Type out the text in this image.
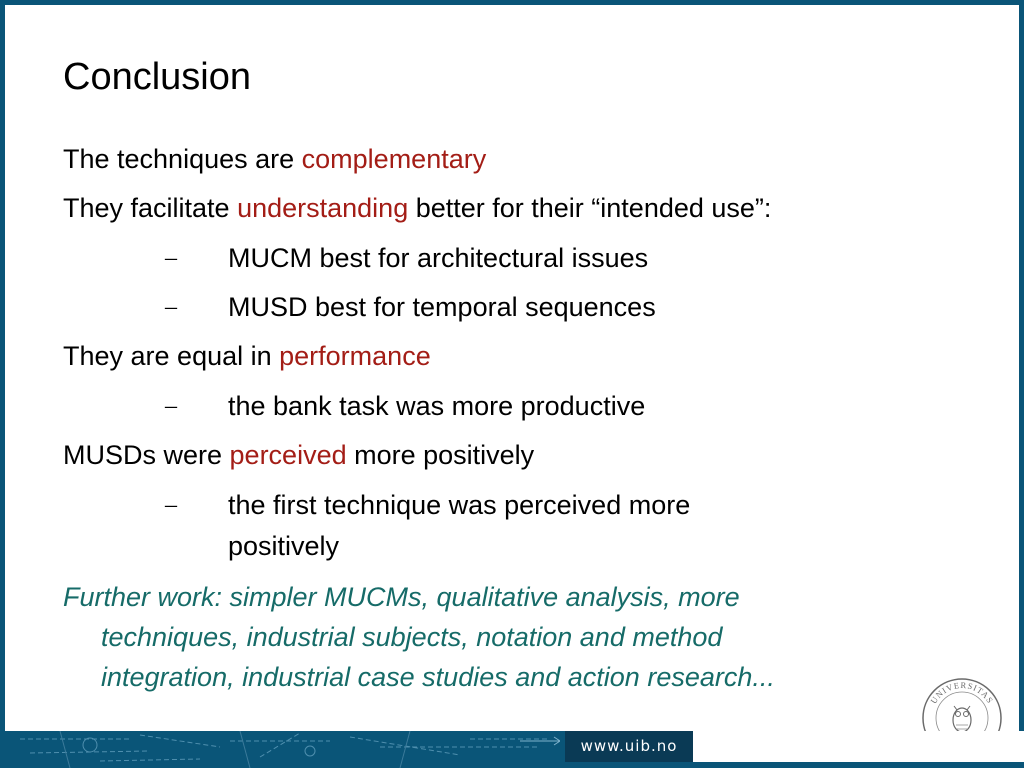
Conclusion
The techniques are complementary
They facilitate understanding better for their “intended use”:
– MUCM best for architectural issues
– MUSD best for temporal sequences
They are equal in performance
– the bank task was more productive
MUSDs were perceived more positively
– the first technique was perceived more
positively
Further work: simpler MUCMs, qualitative analysis, more
techniques, industrial subjects, notation and method
integration, industrial case studies and action research...
UNIVERSITAS
www.uib.no
